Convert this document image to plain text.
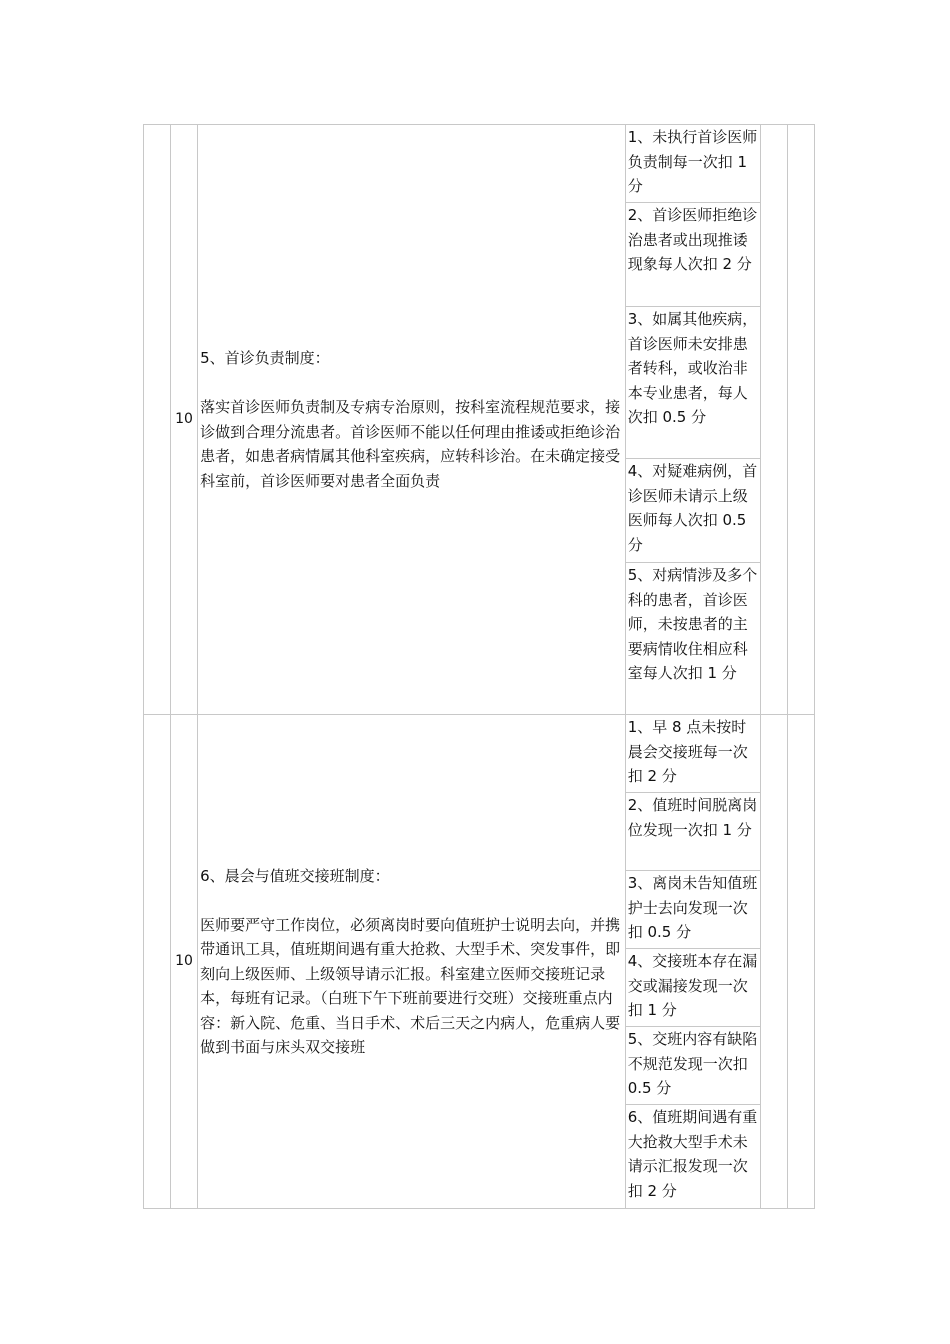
	10	5、首诊负责制度：

落实首诊医师负责制及专病专治原则，按科室流程规范要求，接诊做到合理分流患者。首诊医师不能以任何理由推诿或拒绝诊治患者，如患者病情属其他科室疾病，应转科诊治。在未确定接受科室前，首诊医师要对患者全面负责	1、未执行首诊医师负责制每一次扣 1 分		
			2、首诊医师拒绝诊治患者或出现推诿现象每人次扣 2 分		
			3、如属其他疾病，首诊医师未安排患者转科，或收治非本专业患者，每人次扣 0.5 分		
			4、对疑难病例，首诊医师未请示上级医师每人次扣 0.5 分		
			5、对病情涉及多个科的患者，首诊医师，未按患者的主要病情收住相应科室每人次扣 1 分		
	10	6、晨会与值班交接班制度：

医师要严守工作岗位，必须离岗时要向值班护士说明去向，并携带通讯工具，值班期间遇有重大抢救、大型手术、突发事件，即刻向上级医师、上级领导请示汇报。科室建立医师交接班记录本，每班有记录。（白班下午下班前要进行交班）交接班重点内容：新入院、危重、当日手术、术后三天之内病人，危重病人要做到书面与床头双交接班	1、早 8 点未按时晨会交接班每一次扣 2 分		
			2、值班时间脱离岗位发现一次扣 1 分		
			3、离岗未告知值班护士去向发现一次扣 0.5 分		
			4、交接班本存在漏交或漏接发现一次扣 1 分		
			5、交班内容有缺陷不规范发现一次扣 0.5 分		
			6、值班期间遇有重大抢救大型手术未请示汇报发现一次扣 2 分		
